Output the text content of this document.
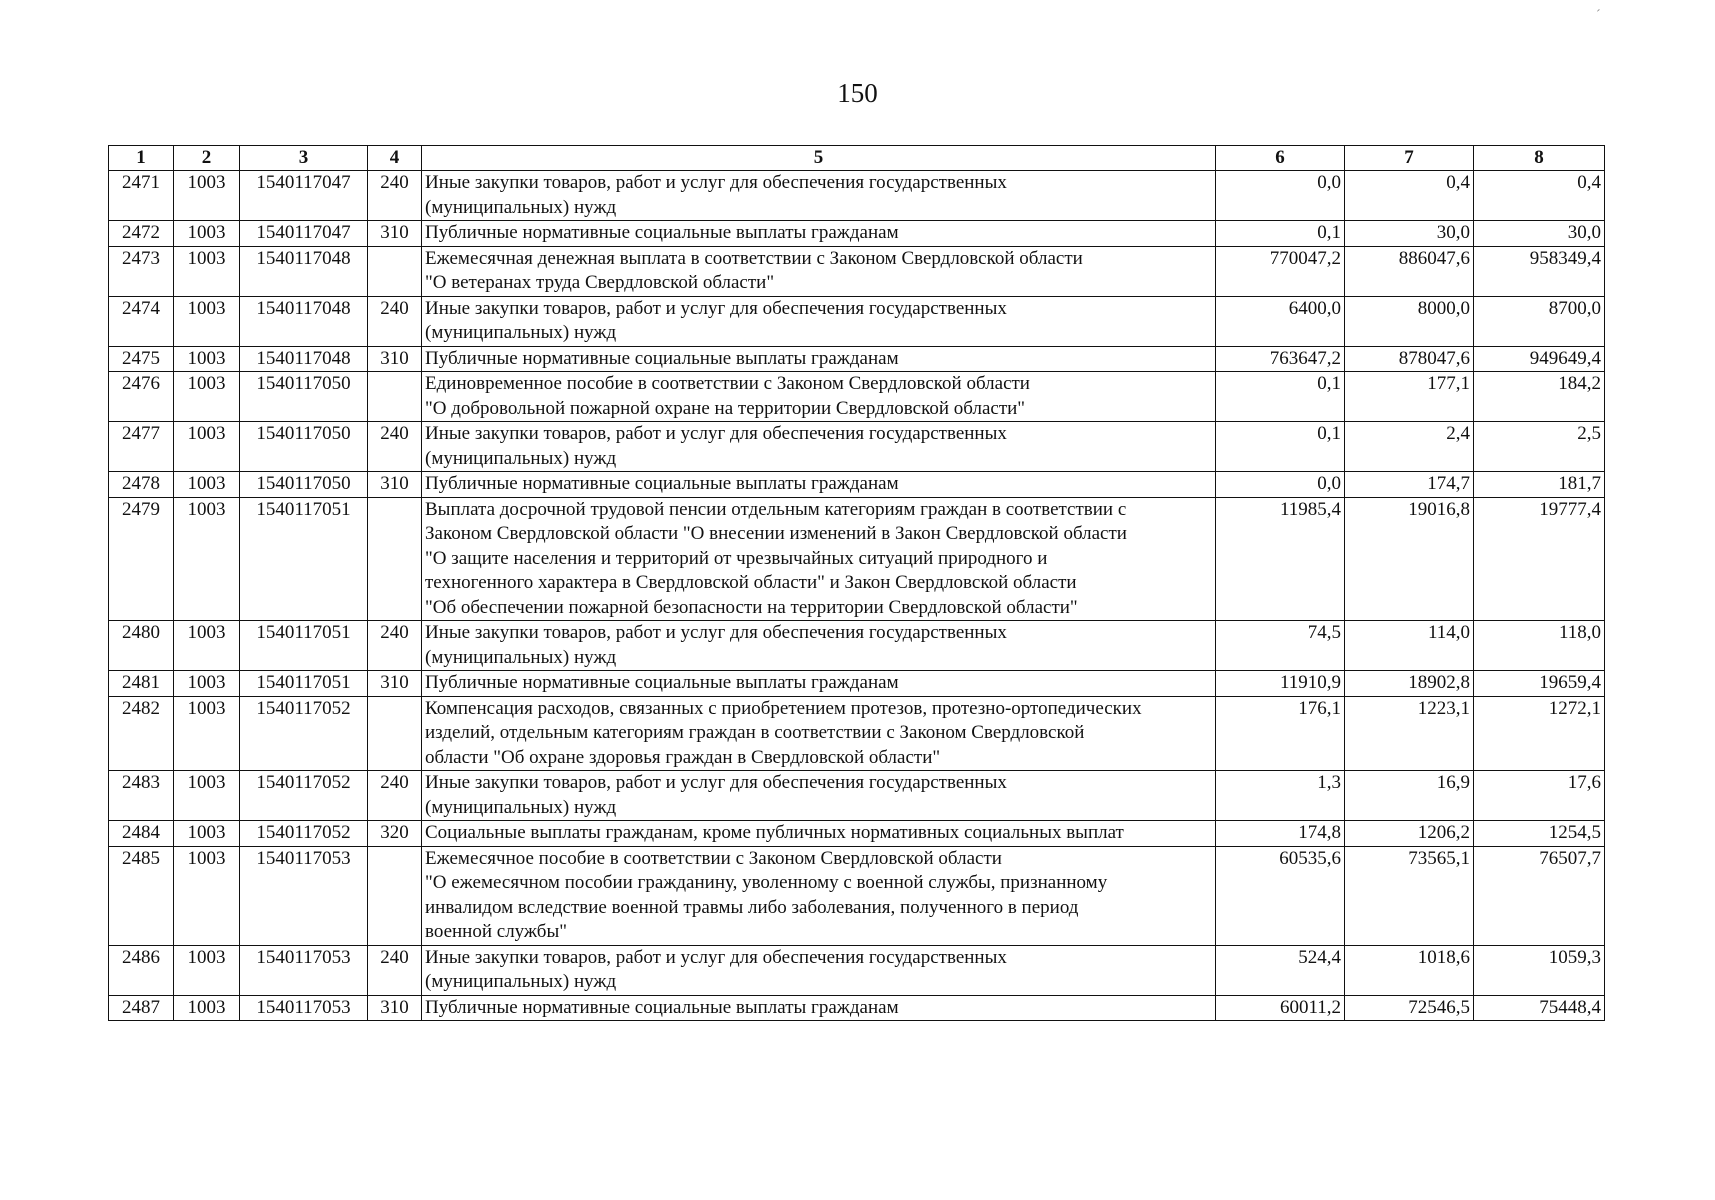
150
1	2	3	4	5	6	7	8
2471	1003	1540117047	240	Иные закупки товаров, работ и услуг для обеспечения государственных
(муниципальных) нужд	0,0	0,4	0,4
2472	1003	1540117047	310	Публичные нормативные социальные выплаты гражданам	0,1	30,0	30,0
2473	1003	1540117048		Ежемесячная денежная выплата в соответствии с Законом Свердловской области
"О ветеранах труда Свердловской области"	770047,2	886047,6	958349,4
2474	1003	1540117048	240	Иные закупки товаров, работ и услуг для обеспечения государственных
(муниципальных) нужд	6400,0	8000,0	8700,0
2475	1003	1540117048	310	Публичные нормативные социальные выплаты гражданам	763647,2	878047,6	949649,4
2476	1003	1540117050		Единовременное пособие в соответствии с Законом Свердловской области
"О добровольной пожарной охране на территории Свердловской области"	0,1	177,1	184,2
2477	1003	1540117050	240	Иные закупки товаров, работ и услуг для обеспечения государственных
(муниципальных) нужд	0,1	2,4	2,5
2478	1003	1540117050	310	Публичные нормативные социальные выплаты гражданам	0,0	174,7	181,7
2479	1003	1540117051		Выплата досрочной трудовой пенсии отдельным категориям граждан в соответствии с
Законом Свердловской области "О внесении изменений в Закон Свердловской области
"О защите населения и территорий от чрезвычайных ситуаций природного и
техногенного характера в Свердловской области" и Закон Свердловской области
"Об обеспечении пожарной безопасности на территории Свердловской области"	11985,4	19016,8	19777,4
2480	1003	1540117051	240	Иные закупки товаров, работ и услуг для обеспечения государственных
(муниципальных) нужд	74,5	114,0	118,0
2481	1003	1540117051	310	Публичные нормативные социальные выплаты гражданам	11910,9	18902,8	19659,4
2482	1003	1540117052		Компенсация расходов, связанных с приобретением протезов, протезно-ортопедических
изделий, отдельным категориям граждан в соответствии с Законом Свердловской
области "Об охране здоровья граждан в Свердловской области"	176,1	1223,1	1272,1
2483	1003	1540117052	240	Иные закупки товаров, работ и услуг для обеспечения государственных
(муниципальных) нужд	1,3	16,9	17,6
2484	1003	1540117052	320	Социальные выплаты гражданам, кроме публичных нормативных социальных выплат	174,8	1206,2	1254,5
2485	1003	1540117053		Ежемесячное пособие в соответствии с Законом Свердловской области
"О ежемесячном пособии гражданину, уволенному с военной службы, признанному
инвалидом вследствие военной травмы либо заболевания, полученного в период
военной службы"	60535,6	73565,1	76507,7
2486	1003	1540117053	240	Иные закупки товаров, работ и услуг для обеспечения государственных
(муниципальных) нужд	524,4	1018,6	1059,3
2487	1003	1540117053	310	Публичные нормативные социальные выплаты гражданам	60011,2	72546,5	75448,4
ˊ
